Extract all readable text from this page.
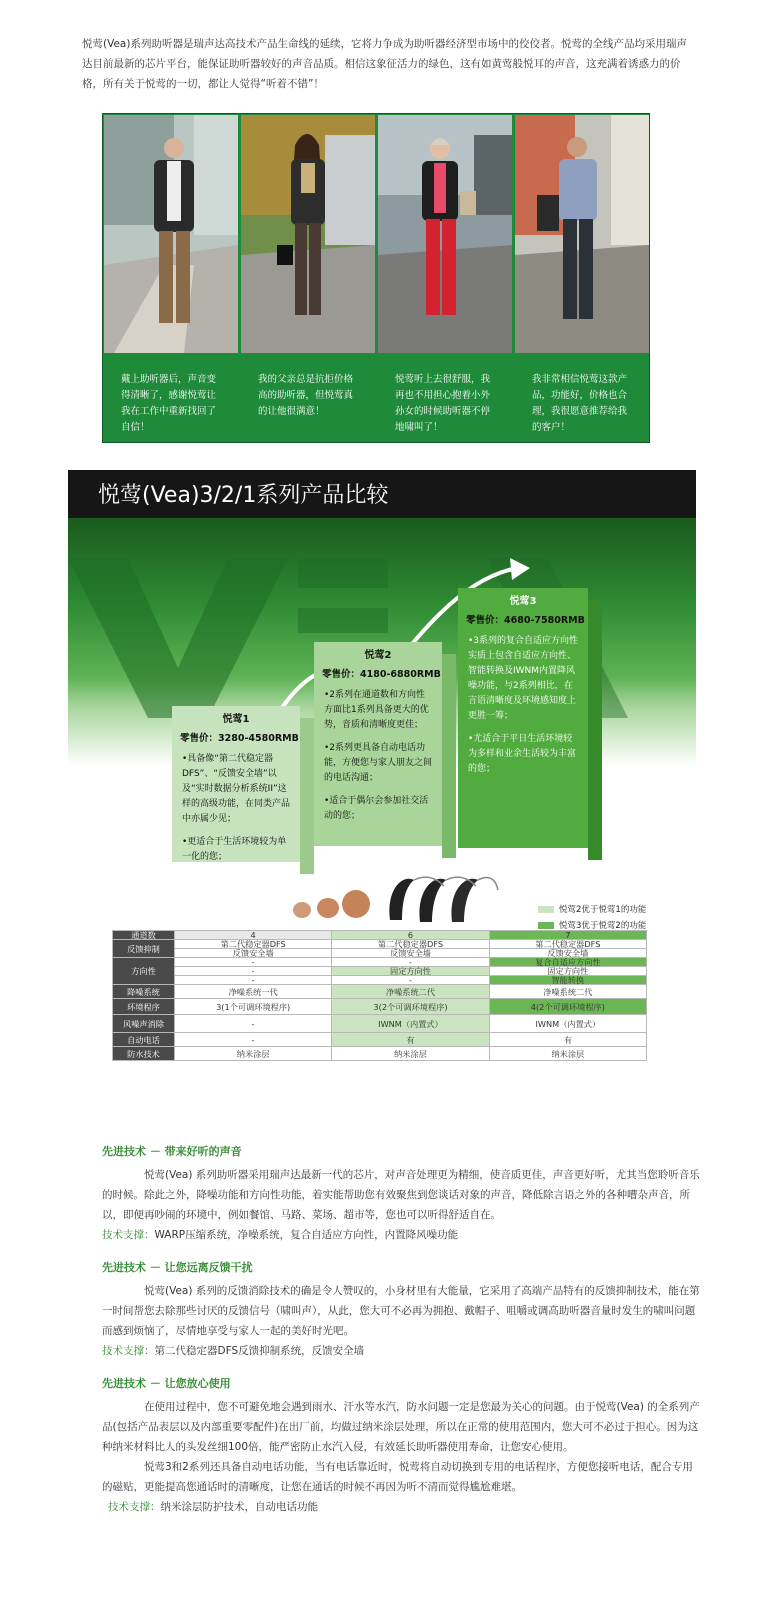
悦莺(Vea)系列助听器是瑞声达高技术产品生命线的延续，它将力争成为助听器经济型市场中的佼佼者。悦莺的全线产品均采用瑞声达目前最新的芯片平台，能保证助听器较好的声音品质。相信这象征活力的绿色，这有如黄莺般悦耳的声音，这充满着诱惑力的价格，所有关于悦莺的一切，都让人觉得“听着不错”！
戴上助听器后，声音变得清晰了，感谢悦莺让我在工作中重新找回了自信！
我的父亲总是抗拒价格高的助听器，但悦莺真的让他很满意！
悦莺听上去很舒服，我再也不用担心抱着小外孙女的时候助听器不停地啸叫了！
我非常相信悦莺这款产品，功能好，价格也合理，我很愿意推荐给我的客户！
悦莺(Vea)3/2/1系列产品比较
悦莺1
零售价：3280-4580RMB

•具备像“第二代稳定器DFS”、“反馈安全墙”以及“实时数据分析系统II”这样的高级功能，在同类产品中亦属少见；

•更适合于生活环境较为单一化的您；

悦莺2
零售价：4180-6880RMB

•2系列在通道数和方向性方面比1系列具备更大的优势，音质和清晰度更佳；

•2系列更具备自动电话功能，方便您与家人朋友之间的电话沟通；

•适合于偶尔会参加社交活动的您；

悦莺3
零售价：4680-7580RMB

•3系列的复合自适应方向性实质上包含自适应方向性、智能转换及IWNM内置降风噪功能，与2系列相比，在言语清晰度及环境感知度上更胜一筹；

•尤适合于平日生活环境较为多样和业余生活较为丰富的您；

悦莺2优于悦莺1的功能
悦莺3优于悦莺2的功能
通道数	4	6	7
反馈抑制	第二代稳定器DFS	第二代稳定器DFS	第二代稳定器DFS
	反馈安全墙	反馈安全墙	反馈安全墙
方向性	-	-	复合自适应方向性
	-	固定方向性	固定方向性
	-	-	智能转换
降噪系统	净噪系统一代	净噪系统二代	净噪系统二代
环境程序	3(1个可调环境程序)	3(2个可调环境程序)	4(2个可调环境程序)
风噪声消除	-	IWNM（内置式）	IWNM（内置式）
自动电话	-	有	有
防水技术	纳米涂层	纳米涂层	纳米涂层
先进技术 － 带来好听的声音
悦莺(Vea) 系列助听器采用瑞声达最新一代的芯片，对声音处理更为精细，使音质更佳，声音更好听，尤其当您聆听音乐的时候。除此之外，降噪功能和方向性功能，着实能帮助您有效聚焦到您谈话对象的声音，降低除言语之外的各种嘈杂声音，所以，即便再吵闹的环境中，例如餐馆、马路、菜场、超市等，您也可以听得舒适自在。
技术支撑：WARP压缩系统，净噪系统，复合自适应方向性，内置降风噪功能
先进技术 － 让您远离反馈干扰
悦莺(Vea) 系列的反馈消除技术的确是令人赞叹的，小身材里有大能量，它采用了高端产品特有的反馈抑制技术，能在第一时间帮您去除那些讨厌的反馈信号（啸叫声），从此，您大可不必再为拥抱、戴帽子、咀嚼或调高助听器音量时发生的啸叫问题而感到烦恼了，尽情地享受与家人一起的美好时光吧。
技术支撑：第二代稳定器DFS反馈抑制系统，反馈安全墙
先进技术 － 让您放心使用
在使用过程中，您不可避免地会遇到雨水、汗水等水汽，防水问题一定是您最为关心的问题。由于悦莺(Vea) 的全系列产品(包括产品表层以及内部重要零配件)在出厂前，均做过纳米涂层处理，所以在正常的使用范围内，您大可不必过于担心。因为这种纳米材料比人的头发丝细100倍，能严密防止水汽入侵，有效延长助听器使用寿命，让您安心使用。
悦莺3和2系列还具备自动电话功能，当有电话靠近时，悦莺将自动切换到专用的电话程序，方便您接听电话，配合专用的磁贴，更能提高您通话时的清晰度，让您在通话的时候不再因为听不清而觉得尴尬难堪。
技术支撑：纳米涂层防护技术，自动电话功能
